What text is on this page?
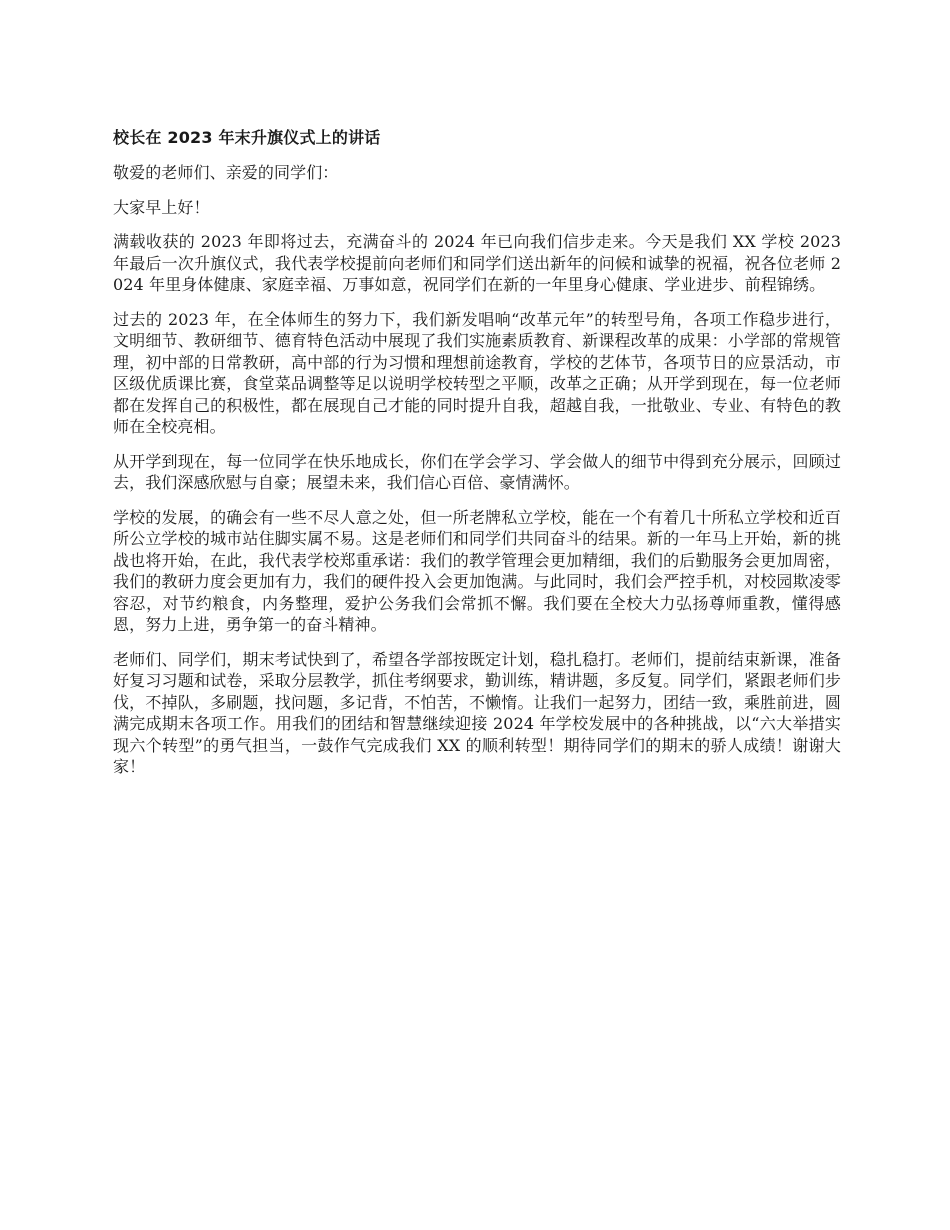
校长在 2023 年末升旗仪式上的讲话

敬爱的老师们、亲爱的同学们：

大家早上好！

满载收获的 2023 年即将过去，充满奋斗的 2024 年已向我们信步走来。今天是我们 XX 学校 2023 年最后一次升旗仪式，我代表学校提前向老师们和同学们送出新年的问候和诚挚的祝福，祝各位老师 2024 年里身体健康、家庭幸福、万事如意，祝同学们在新的一年里身心健康、学业进步、前程锦绣。

过去的 2023 年，在全体师生的努力下，我们新发唱响“改革元年”的转型号角，各项工作稳步进行，文明细节、教研细节、德育特色活动中展现了我们实施素质教育、新课程改革的成果：小学部的常规管理，初中部的日常教研，高中部的行为习惯和理想前途教育，学校的艺体节，各项节日的应景活动，市区级优质课比赛，食堂菜品调整等足以说明学校转型之平顺，改革之正确；从开学到现在，每一位老师都在发挥自己的积极性，都在展现自己才能的同时提升自我，超越自我，一批敬业、专业、有特色的教师在全校亮相。

从开学到现在，每一位同学在快乐地成长，你们在学会学习、学会做人的细节中得到充分展示，回顾过去，我们深感欣慰与自豪；展望未来，我们信心百倍、豪情满怀。

学校的发展，的确会有一些不尽人意之处，但一所老牌私立学校，能在一个有着几十所私立学校和近百所公立学校的城市站住脚实属不易。这是老师们和同学们共同奋斗的结果。新的一年马上开始，新的挑战也将开始，在此，我代表学校郑重承诺：我们的教学管理会更加精细，我们的后勤服务会更加周密，我们的教研力度会更加有力，我们的硬件投入会更加饱满。与此同时，我们会严控手机，对校园欺凌零容忍，对节约粮食，内务整理，爱护公务我们会常抓不懈。我们要在全校大力弘扬尊师重教，懂得感恩，努力上进，勇争第一的奋斗精神。

老师们、同学们，期末考试快到了，希望各学部按既定计划，稳扎稳打。老师们，提前结束新课，准备好复习习题和试卷，采取分层教学，抓住考纲要求，勤训练，精讲题，多反复。同学们，紧跟老师们步伐，不掉队，多刷题，找问题，多记背，不怕苦，不懒惰。让我们一起努力，团结一致，乘胜前进，圆满完成期末各项工作。用我们的团结和智慧继续迎接 2024 年学校发展中的各种挑战，以“六大举措实现六个转型”的勇气担当，一鼓作气完成我们 XX 的顺利转型！期待同学们的期末的骄人成绩！谢谢大家！
